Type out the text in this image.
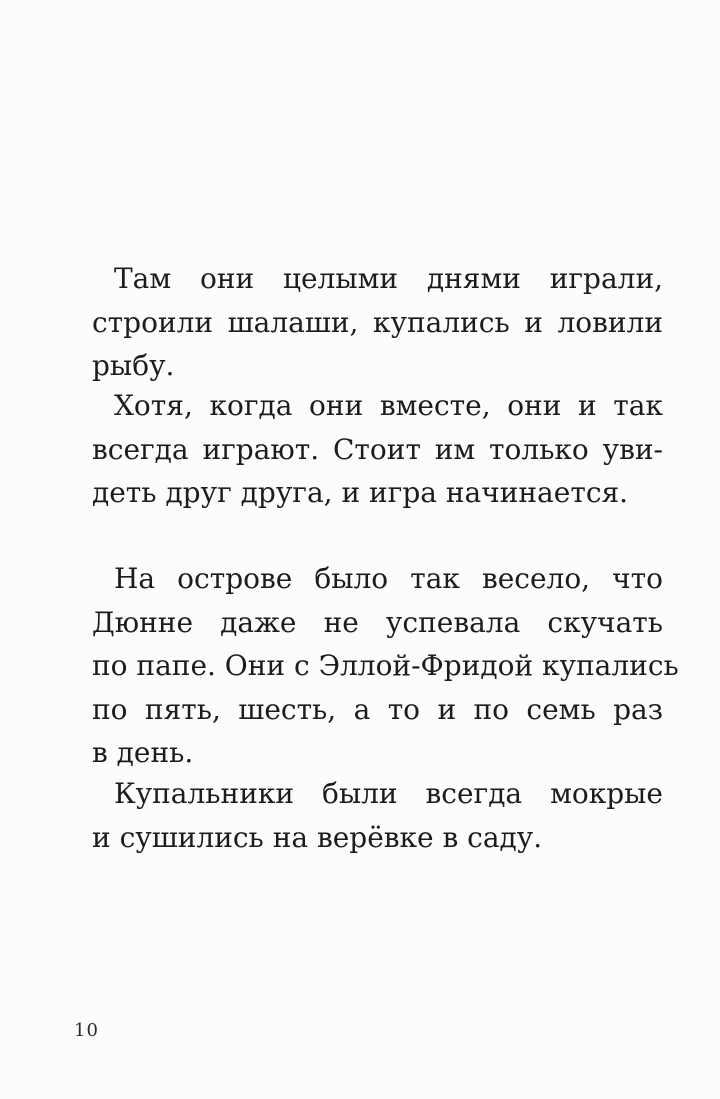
Там они целыми днями играли,
строили шалаши, купались и ловили
рыбу.
Хотя, когда они вместе, они и так
всегда играют. Стоит им только уви-
деть друг друга, и игра начинается.
На острове было так весело, что
Дюнне даже не успевала скучать
по папе. Они с Эллой-Фридой купались
по пять, шесть, а то и по семь раз
в день.
Купальники были всегда мокрые
и сушились на верёвке в саду.
10
